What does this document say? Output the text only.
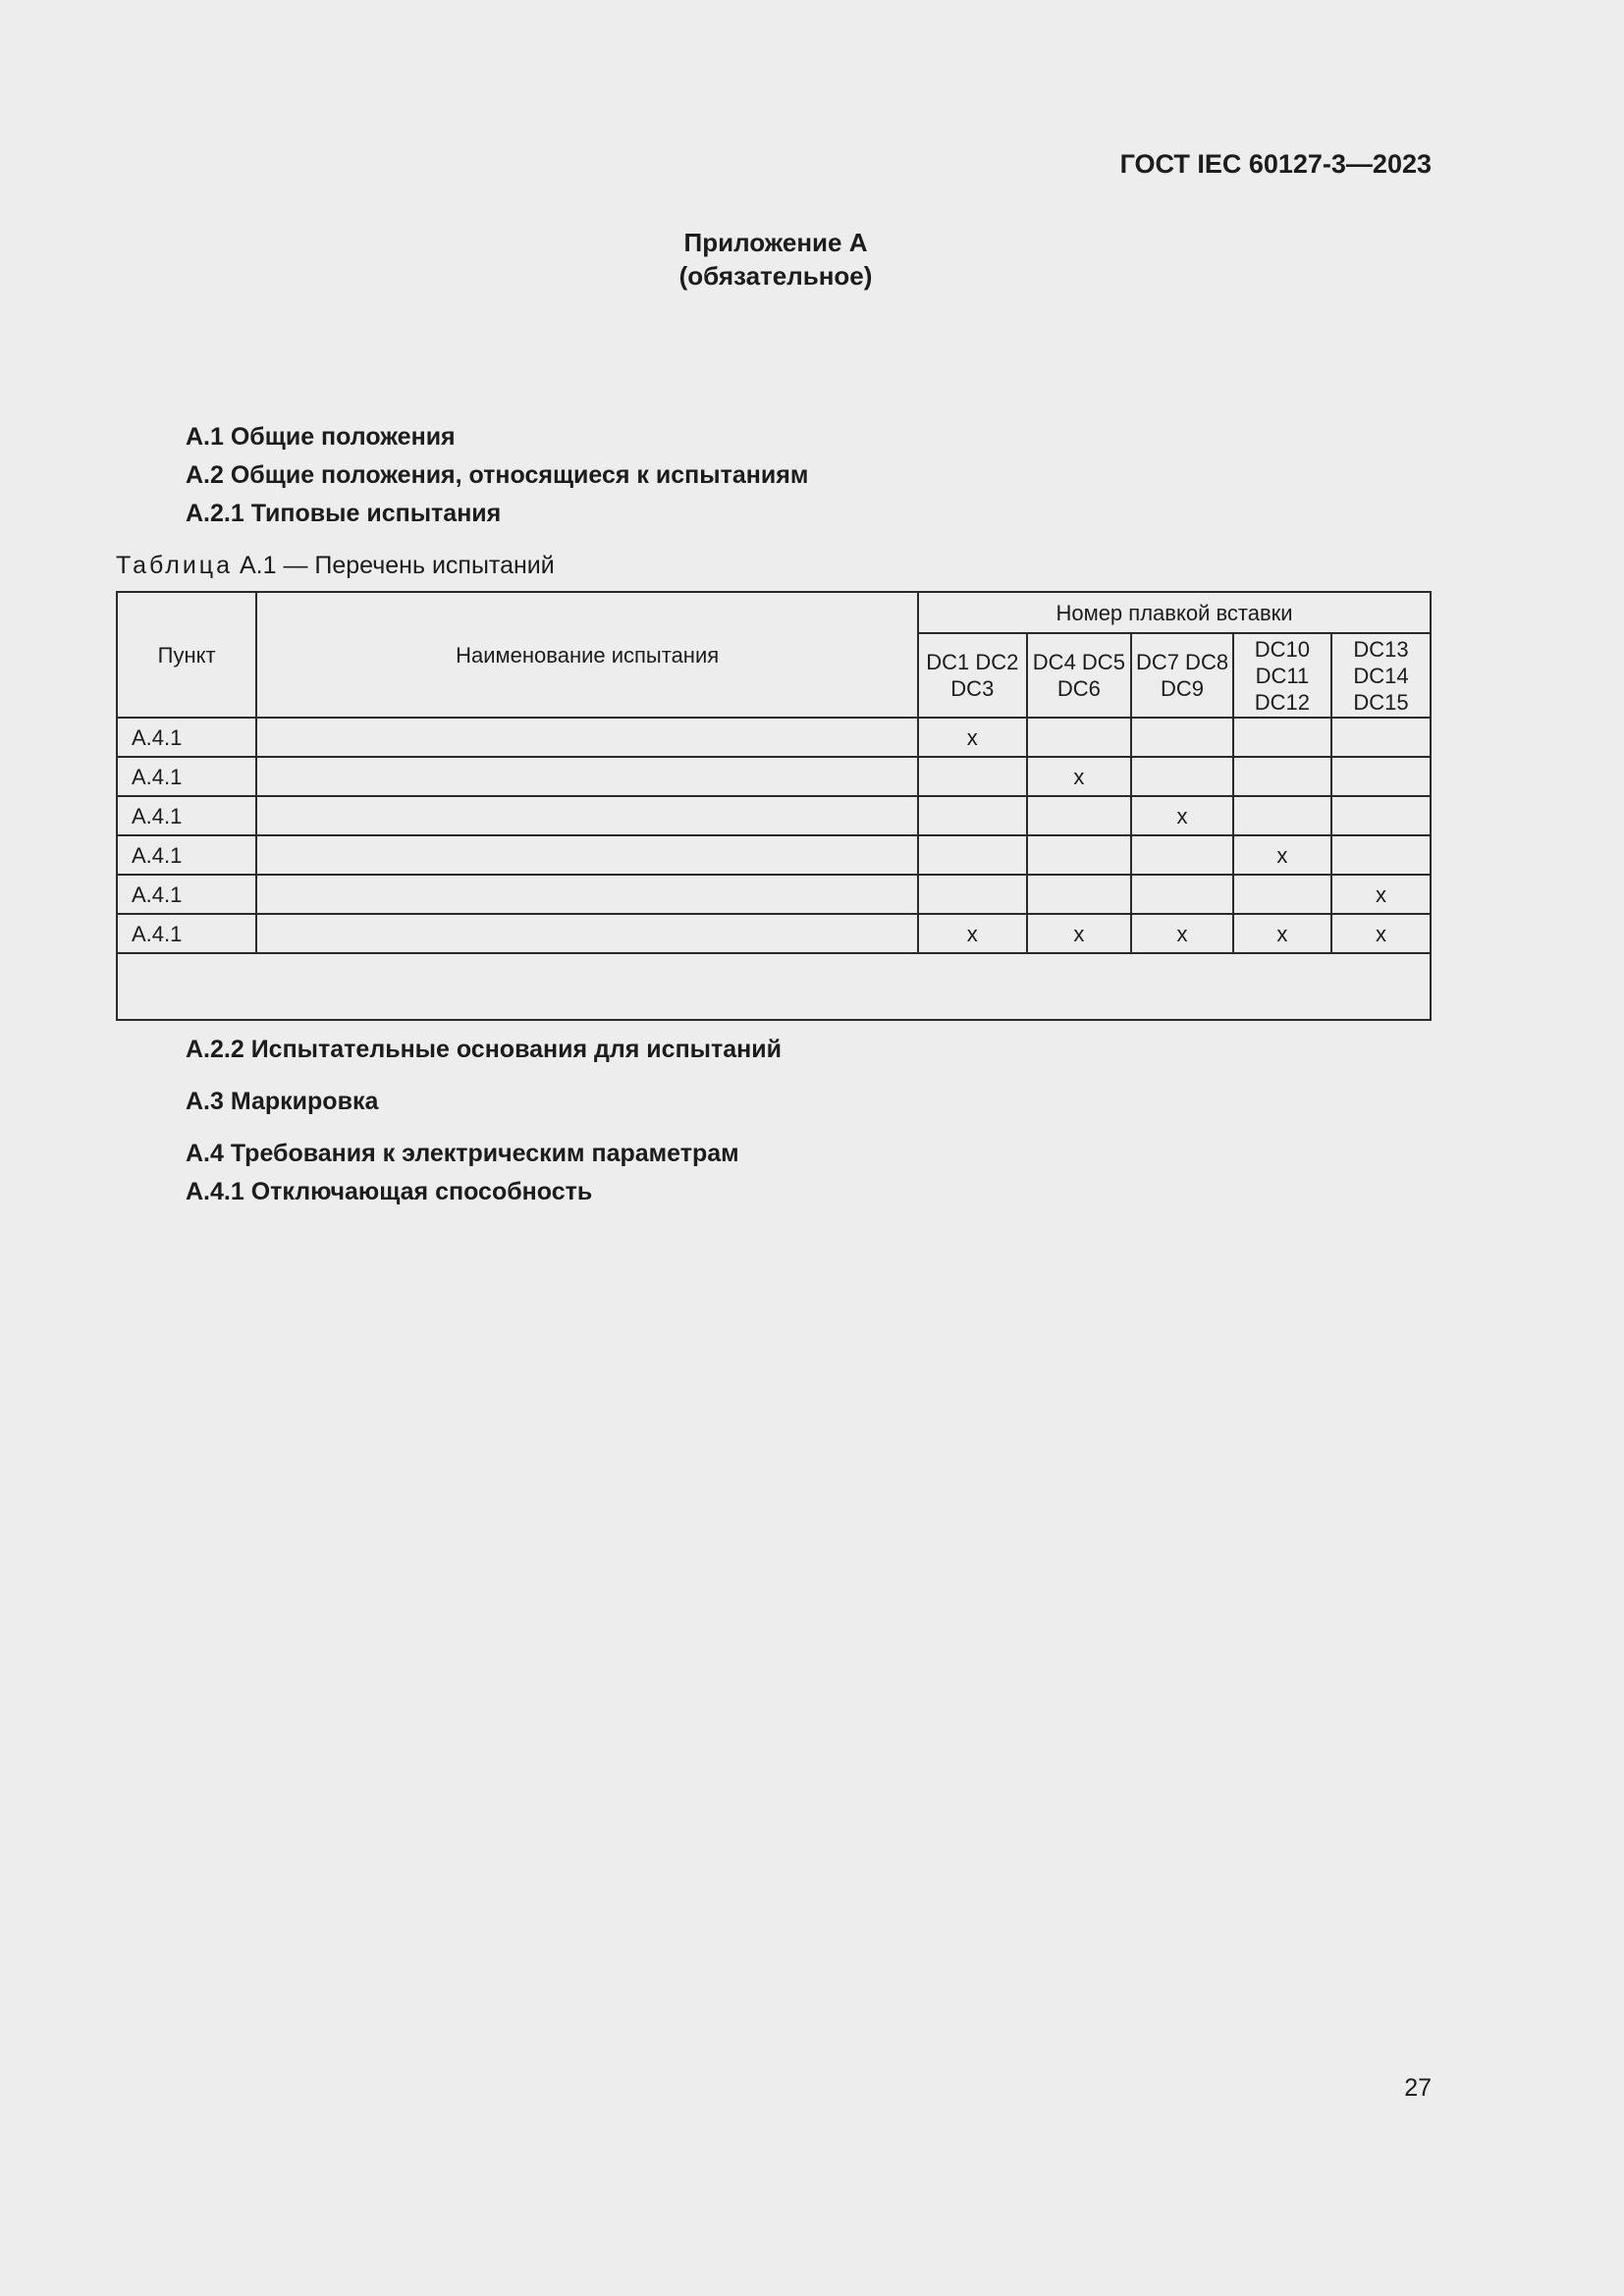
ГОСТ IEC 60127-3—2023
Приложение A
(обязательное)
A.1 Общие положения
A.2 Общие положения, относящиеся к испытаниям
A.2.1 Типовые испытания
Таблица A.1 — Перечень испытаний
Пункт	Наименование испытания	Номер плавкой вставки				
		DC1 DC2 DC3	DC4 DC5 DC6	DC7 DC8 DC9	DC10 DC11 DC12	DC13 DC14 DC15
A.4.1		x				
A.4.1			x			
A.4.1				x		
A.4.1					x	
A.4.1						x
A.4.1		x	x	x	x	x

A.2.2 Испытательные основания для испытаний
A.3 Маркировка
A.4 Требования к электрическим параметрам
A.4.1 Отключающая способность
27
